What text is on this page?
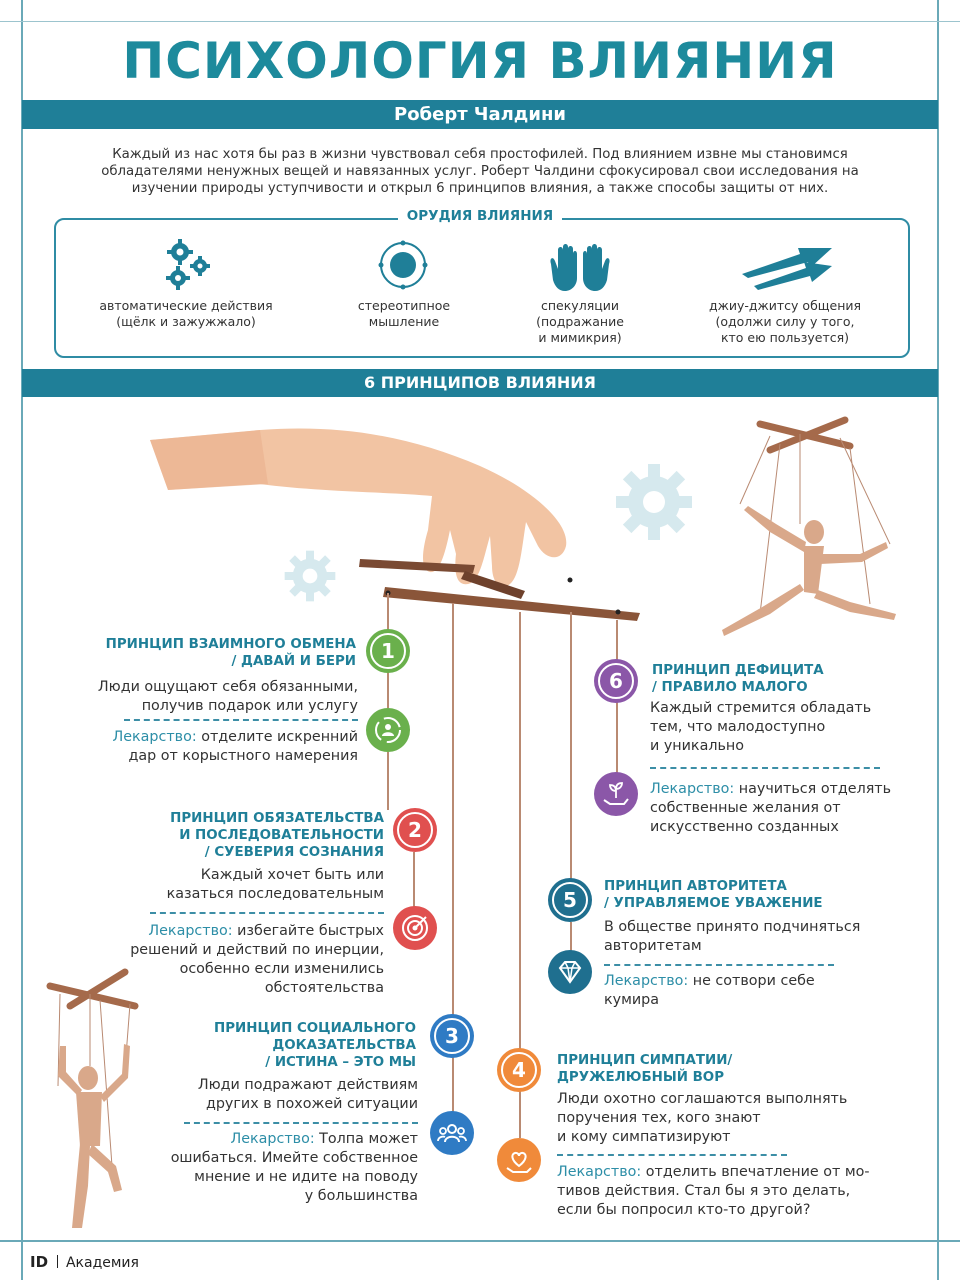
ПСИХОЛОГИЯ ВЛИЯНИЯ
Роберт Чалдини
Каждый из нас хотя бы раз в жизни чувствовал себя простофилей. Под влиянием извне мы становимся обладателями ненужных вещей и навязанных услуг. Роберт Чалдини сфокусировал свои исследования на изучении природы уступчивости и открыл 6 принципов влияния, а также способы защиты от них.
ОРУДИЯ ВЛИЯНИЯ
автоматические действия
(щёлк и зажужжало)
стереотипное
мышление
спекуляции
(подражание
и мимикрия)
джиу-джитсу общения
(одолжи силу у того,
кто ею пользуется)
6 ПРИНЦИПОВ ВЛИЯНИЯ
ПРИНЦИП ВЗАИМНОГО ОБМЕНА
/ ДАВАЙ И БЕРИ	1
Люди ощущают себя обязанными,
получив подарок или услугу
Лекарство: отделите искренний
дар от корыстного намерения
ПРИНЦИП ОБЯЗАТЕЛЬСТВА
И ПОСЛЕДОВАТЕЛЬНОСТИ
/ СУЕВЕРИЯ СОЗНАНИЯ
2
Каждый хочет быть или
казаться последовательным
Лекарство: избегайте быстрых
решений и действий по инерции,
особенно если изменились
обстоятельства
ПРИНЦИП СОЦИАЛЬНОГО
ДОКАЗАТЕЛЬСТВА
/ ИСТИНА – ЭТО МЫ
3
Люди подражают действиям
других в похожей ситуации
Лекарство: Толпа может
ошибаться. Имейте собственное
мнение и не идите на поводу
у большинства
4	ПРИНЦИП СИМПАТИИ/
ДРУЖЕЛЮБНЫЙ ВОР
Люди охотно соглашаются выполнять
поручения тех, кого знают
и кому симпатизируют
Лекарство: отделить впечатление от мо-
тивов действия. Стал бы я это делать,
если бы попросил кто-то другой?
5
ПРИНЦИП АВТОРИТЕТА
/ УПРАВЛЯЕМОЕ УВАЖЕНИЕ
В обществе принято подчиняться
авторитетам
Лекарство: не сотвори себе
кумира
6	ПРИНЦИП ДЕФИЦИТА
/ ПРАВИЛО МАЛОГО
Каждый стремится обладать
тем, что малодоступно
и уникально
Лекарство: научиться отделять
собственные желания от
искусственно созданных
ID Академия
